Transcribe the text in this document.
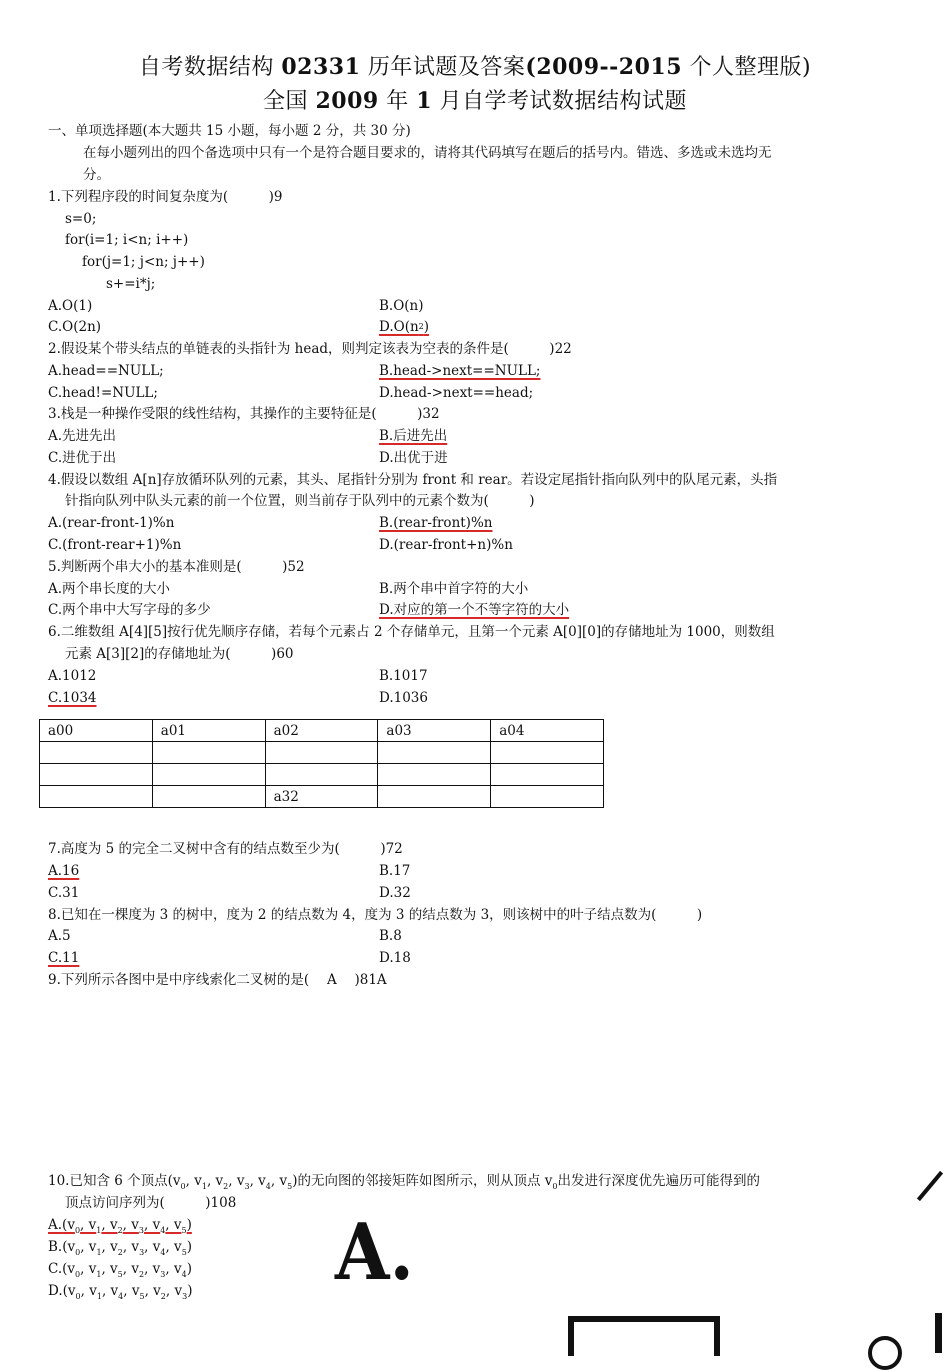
自考数据结构 02331 历年试题及答案(2009--2015 个人整理版)
全国 2009 年 1 月自学考试数据结构试题
一、单项选择题(本大题共 15 小题，每小题 2 分，共 30 分)
在每小题列出的四个备选项中只有一个是符合题目要求的，请将其代码填写在题后的括号内。错选、多选或未选均无
分。
1.下列程序段的时间复杂度为(　　　)9
s=0;
for(i=1; i<n; i++)
for(j=1; j<n; j++)
s+=i*j;
A.O(1)	B.O(n)
C.O(2n)	$D.O(n^2)$
2.假设某个带头结点的单链表的头指针为 head，则判定该表为空表的条件是(　　　)22
A.head==NULL;	B.head->next==NULL;
C.head!=NULL;	D.head->next==head;
3.栈是一种操作受限的线性结构，其操作的主要特征是(　　　)32
A.先进先出	B.后进先出
C.进优于出	D.出优于进
4.假设以数组 A[n]存放循环队列的元素，其头、尾指针分别为 front 和 rear。若设定尾指针指向队列中的队尾元素，头指
针指向队列中队头元素的前一个位置，则当前存于队列中的元素个数为(　　　)
A.(rear-front-1)%n	B.(rear-front)%n
C.(front-rear+1)%n	D.(rear-front+n)%n
5.判断两个串大小的基本准则是(　　　)52
A.两个串长度的大小	B.两个串中首字符的大小
C.两个串中大写字母的多少	D.对应的第一个不等字符的大小
6.二维数组 A[4][5]按行优先顺序存储，若每个元素占 2 个存储单元，且第一个元素 A[0][0]的存储地址为 1000，则数组
元素 A[3][2]的存储地址为(　　　)60
A.1012	B.1017
C.1034	D.1036
a00	a01	a02	a03	a04

		a32		
7.高度为 5 的完全二叉树中含有的结点数至少为(　　　)72
A.16	B.17
C.31	D.32
8.已知在一棵度为 3 的树中，度为 2 的结点数为 4，度为 3 的结点数为 3，则该树中的叶子结点数为(　　　)
A.5	B.8
C.11	D.18
9.下列所示各图中是中序线索化二叉树的是(　 A　 )81A
10.已知含 6 个顶点($v_0$, $v_1$, $v_2$, $v_3$, $v_4$, $v_5$)的无向图的邻接矩阵如图所示，则从顶点 $v_0$出发进行深度优先遍历可能得到的
顶点访问序列为(　　　)108
$A.(v_0$, $v_1$, $v_2$, $v_3$, $v_4$, $v_5$)
$B.(v_0$, $v_1$, $v_2$, $v_3$, $v_4$, $v_5$)
$C.(v_0$, $v_1$, $v_5$, $v_2$, $v_3$, $v_4$)
$D.(v_0$, $v_1$, $v_4$, $v_5$, $v_2$, $v_3$) A.
